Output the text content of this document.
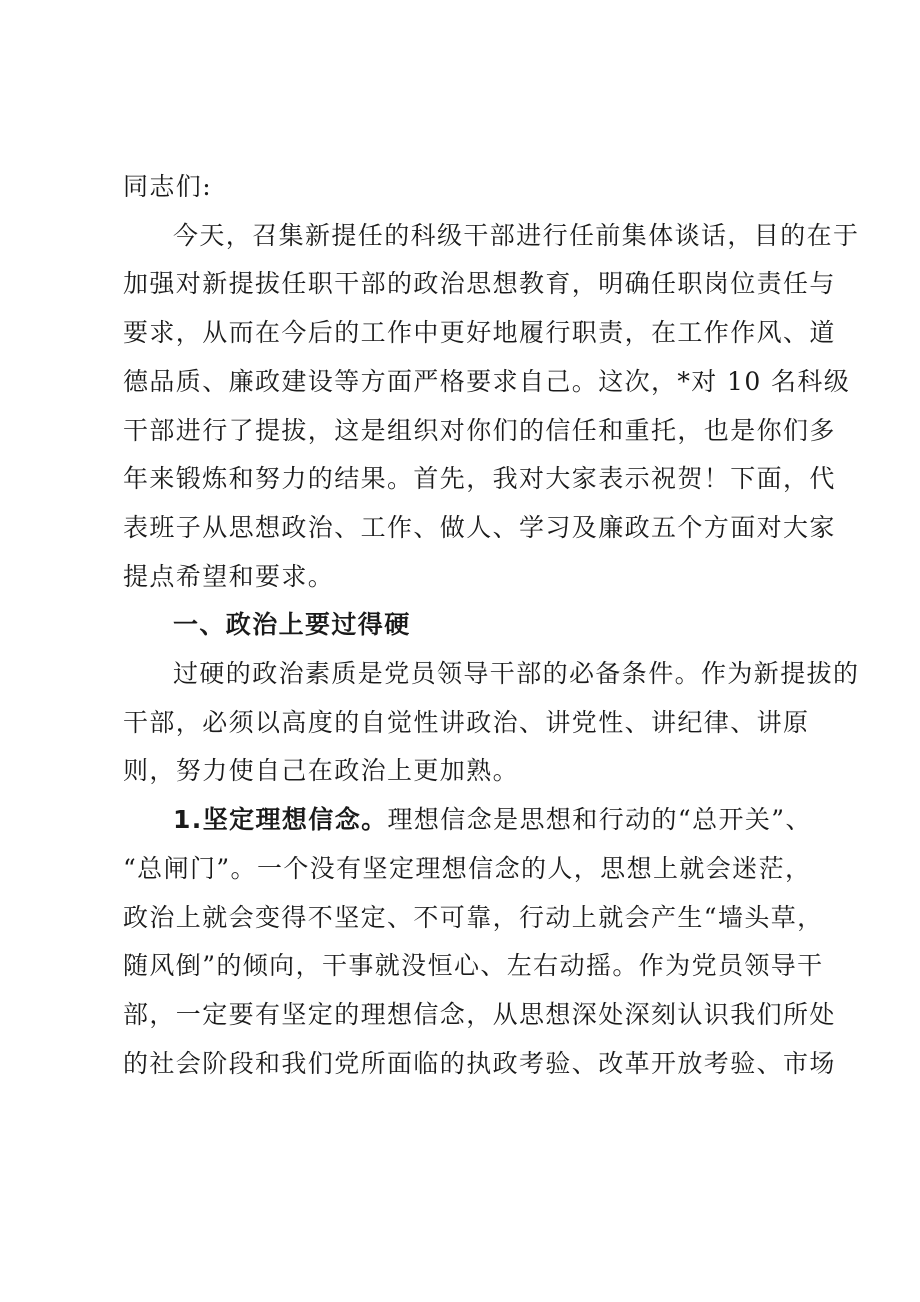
同志们:

今天，召集新提任的科级干部进行任前集体谈话，目的在于
加强对新提拔任职干部的政治思想教育，明确任职岗位责任与
要求，从而在今后的工作中更好地履行职责，在工作作风、道
德品质、廉政建设等方面严格要求自己。这次，*对 10 名科级
干部进行了提拔，这是组织对你们的信任和重托，也是你们多
年来锻炼和努力的结果。首先，我对大家表示祝贺！下面，代
表班子从思想政治、工作、做人、学习及廉政五个方面对大家
提点希望和要求。

一、政治上要过得硬

过硬的政治素质是党员领导干部的必备条件。作为新提拔的
干部，必须以高度的自觉性讲政治、讲党性、讲纪律、讲原
则，努力使自己在政治上更加熟。

1.坚定理想信念。理想信念是思想和行动的“总开关”、
“总闸门”。一个没有坚定理想信念的人，思想上就会迷茫，
政治上就会变得不坚定、不可靠，行动上就会产生“墙头草，
随风倒”的倾向，干事就没恒心、左右动摇。作为党员领导干
部，一定要有坚定的理想信念，从思想深处深刻认识我们所处
的社会阶段和我们党所面临的执政考验、改革开放考验、市场
